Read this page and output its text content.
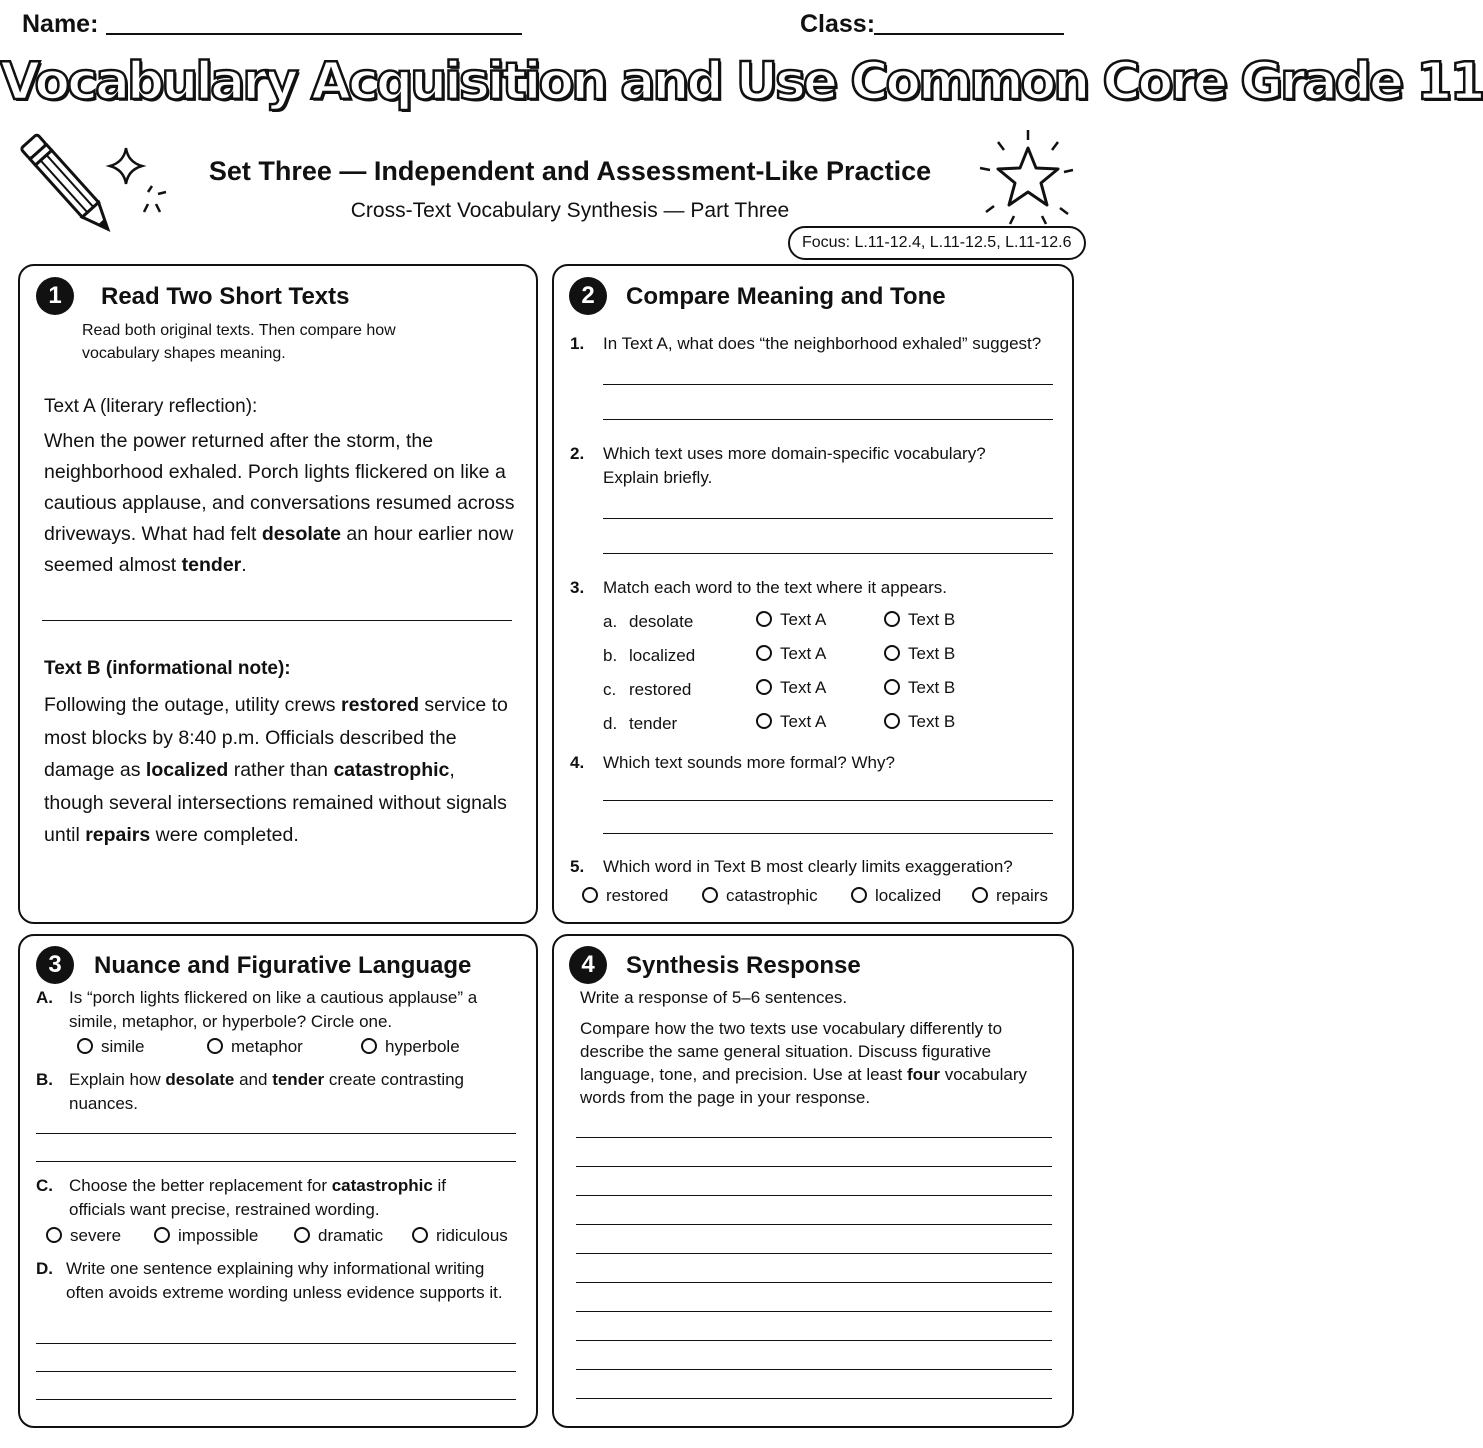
Name:	Class:
Vocabulary Acquisition and Use Common Core Grade 11
Set Three — Independent and Assessment-Like Practice
Cross-Text Vocabulary Synthesis — Part Three
Focus: L.11-12.4, L.11-12.5, L.11-12.6
1	Read Two Short Texts
Read both original texts. Then compare how vocabulary shapes meaning.
Text A (literary reflection):
When the power returned after the storm, the neighborhood exhaled. Porch lights flickered on like a cautious applause, and conversations resumed across driveways. What had felt desolate an hour earlier now seemed almost tender.
Text B (informational note):
Following the outage, utility crews restored service to most blocks by 8:40 p.m. Officials described the damage as localized rather than catastrophic, though several intersections remained without signals until repairs were completed.
2	Compare Meaning and Tone
1. In Text A, what does “the neighborhood exhaled” suggest?
2. Which text uses more domain-specific vocabulary? Explain briefly.
3. Match each word to the text where it appears.
a. desolate	Text A	Text B
b. localized	Text A	Text B
c. restored	Text A	Text B
d. tender	Text A	Text B
4. Which text sounds more formal? Why?
5. Which word in Text B most clearly limits exaggeration?
restored	catastrophic	localized	repairs
3	Nuance and Figurative Language
A. Is “porch lights flickered on like a cautious applause” a simile, metaphor, or hyperbole? Circle one.
simile	metaphor	hyperbole
B. Explain how desolate and tender create contrasting nuances.
C. Choose the better replacement for catastrophic if officials want precise, restrained wording.
severe	impossible	dramatic	ridiculous
D. Write one sentence explaining why informational writing often avoids extreme wording unless evidence supports it.
4	Synthesis Response
Write a response of 5–6 sentences.
Compare how the two texts use vocabulary differently to describe the same general situation. Discuss figurative language, tone, and precision. Use at least four vocabulary words from the page in your response.
